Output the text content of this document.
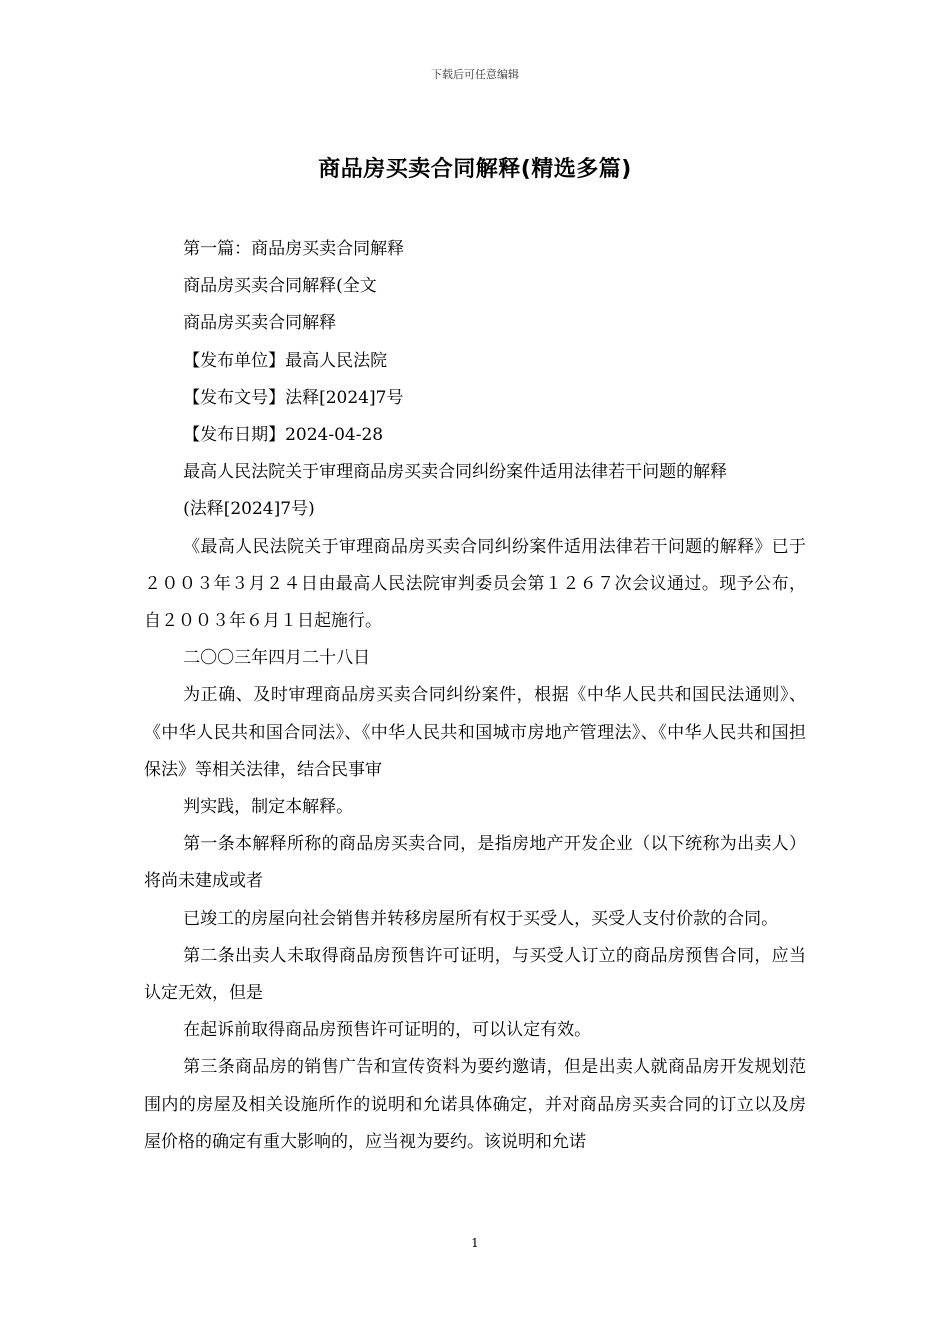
下载后可任意编辑
商品房买卖合同解释(精选多篇)

第一篇：商品房买卖合同解释

商品房买卖合同解释(全文

商品房买卖合同解释

【发布单位】最高人民法院

【发布文号】法释[2024]7号

【发布日期】2024-04-28

最高人民法院关于审理商品房买卖合同纠纷案件适用法律若干问题的解释

(法释[2024]7号)

《最高人民法院关于审理商品房买卖合同纠纷案件适用法律若干问题的解释》已于２００３年３月２４日由最高人民法院审判委员会第１２６７次会议通过。现予公布，自２００３年６月１日起施行。

二〇〇三年四月二十八日

为正确、及时审理商品房买卖合同纠纷案件，根据《中华人民共和国民法通则》、《中华人民共和国合同法》、《中华人民共和国城市房地产管理法》、《中华人民共和国担保法》等相关法律，结合民事审

判实践，制定本解释。

第一条本解释所称的商品房买卖合同，是指房地产开发企业（以下统称为出卖人）将尚未建成或者

已竣工的房屋向社会销售并转移房屋所有权于买受人，买受人支付价款的合同。

第二条出卖人未取得商品房预售许可证明，与买受人订立的商品房预售合同，应当认定无效，但是

在起诉前取得商品房预售许可证明的，可以认定有效。

第三条商品房的销售广告和宣传资料为要约邀请，但是出卖人就商品房开发规划范围内的房屋及相关设施所作的说明和允诺具体确定，并对商品房买卖合同的订立以及房屋价格的确定有重大影响的，应当视为要约。该说明和允诺

1
